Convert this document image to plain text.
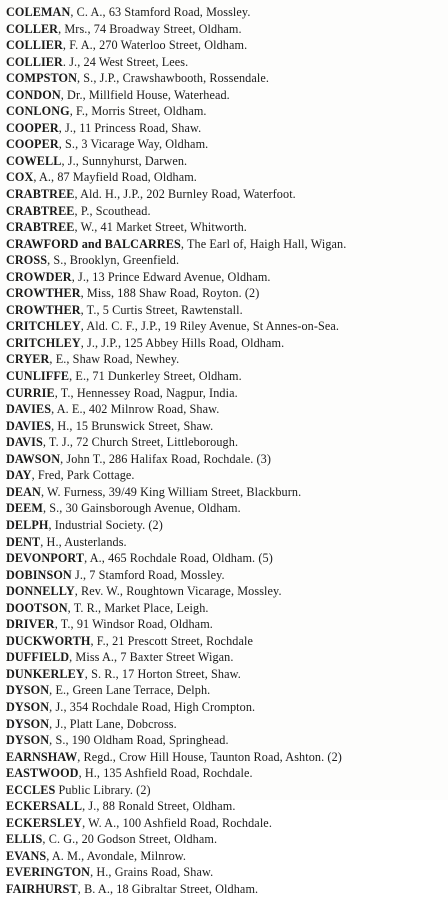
COLEMAN, C. A., 63 Stamford Road, Mossley.
COLLER, Mrs., 74 Broadway Street, Oldham.
COLLIER, F. A., 270 Waterloo Street, Oldham.
COLLIER. J., 24 West Street, Lees.
COMPSTON, S., J.P., Crawshawbooth, Rossendale.
CONDON, Dr., Millfield House, Waterhead.
CONLONG, F., Morris Street, Oldham.
COOPER, J., 11 Princess Road, Shaw.
COOPER, S., 3 Vicarage Way, Oldham.
COWELL, J., Sunnyhurst, Darwen.
COX, A., 87 Mayfield Road, Oldham.
CRABTREE, Ald. H., J.P., 202 Burnley Road, Waterfoot.
CRABTREE, P., Scouthead.
CRABTREE, W., 41 Market Street, Whitworth.
CRAWFORD and BALCARRES, The Earl of, Haigh Hall, Wigan.
CROSS, S., Brooklyn, Greenfield.
CROWDER, J., 13 Prince Edward Avenue, Oldham.
CROWTHER, Miss, 188 Shaw Road, Royton. (2)
CROWTHER, T., 5 Curtis Street, Rawtenstall.
CRITCHLEY, Ald. C. F., J.P., 19 Riley Avenue, St Annes-on-Sea.
CRITCHLEY, J., J.P., 125 Abbey Hills Road, Oldham.
CRYER, E., Shaw Road, Newhey.
CUNLIFFE, E., 71 Dunkerley Street, Oldham.
CURRIE, T., Hennessey Road, Nagpur, India.
DAVIES, A. E., 402 Milnrow Road, Shaw.
DAVIES, H., 15 Brunswick Street, Shaw.
DAVIS, T. J., 72 Church Street, Littleborough.
DAWSON, John T., 286 Halifax Road, Rochdale. (3)
DAY, Fred, Park Cottage.
DEAN, W. Furness, 39/49 King William Street, Blackburn.
DEEM, S., 30 Gainsborough Avenue, Oldham.
DELPH, Industrial Society. (2)
DENT, H., Austerlands.
DEVONPORT, A., 465 Rochdale Road, Oldham. (5)
DOBINSON J., 7 Stamford Road, Mossley.
DONNELLY, Rev. W., Roughtown Vicarage, Mossley.
DOOTSON, T. R., Market Place, Leigh.
DRIVER, T., 91 Windsor Road, Oldham.
DUCKWORTH, F., 21 Prescott Street, Rochdale
DUFFIELD, Miss A., 7 Baxter Street Wigan.
DUNKERLEY, S. R., 17 Horton Street, Shaw.
DYSON, E., Green Lane Terrace, Delph.
DYSON, J., 354 Rochdale Road, High Crompton.
DYSON, J., Platt Lane, Dobcross.
DYSON, S., 190 Oldham Road, Springhead.
EARNSHAW, Regd., Crow Hill House, Taunton Road, Ashton. (2)
EASTWOOD, H., 135 Ashfield Road, Rochdale.
ECCLES Public Library. (2)
ECKERSALL, J., 88 Ronald Street, Oldham.
ECKERSLEY, W. A., 100 Ashfield Road, Rochdale.
ELLIS, C. G., 20 Godson Street, Oldham.
EVANS, A. M., Avondale, Milnrow.
EVERINGTON, H., Grains Road, Shaw.
FAIRHURST, B. A., 18 Gibraltar Street, Oldham.
